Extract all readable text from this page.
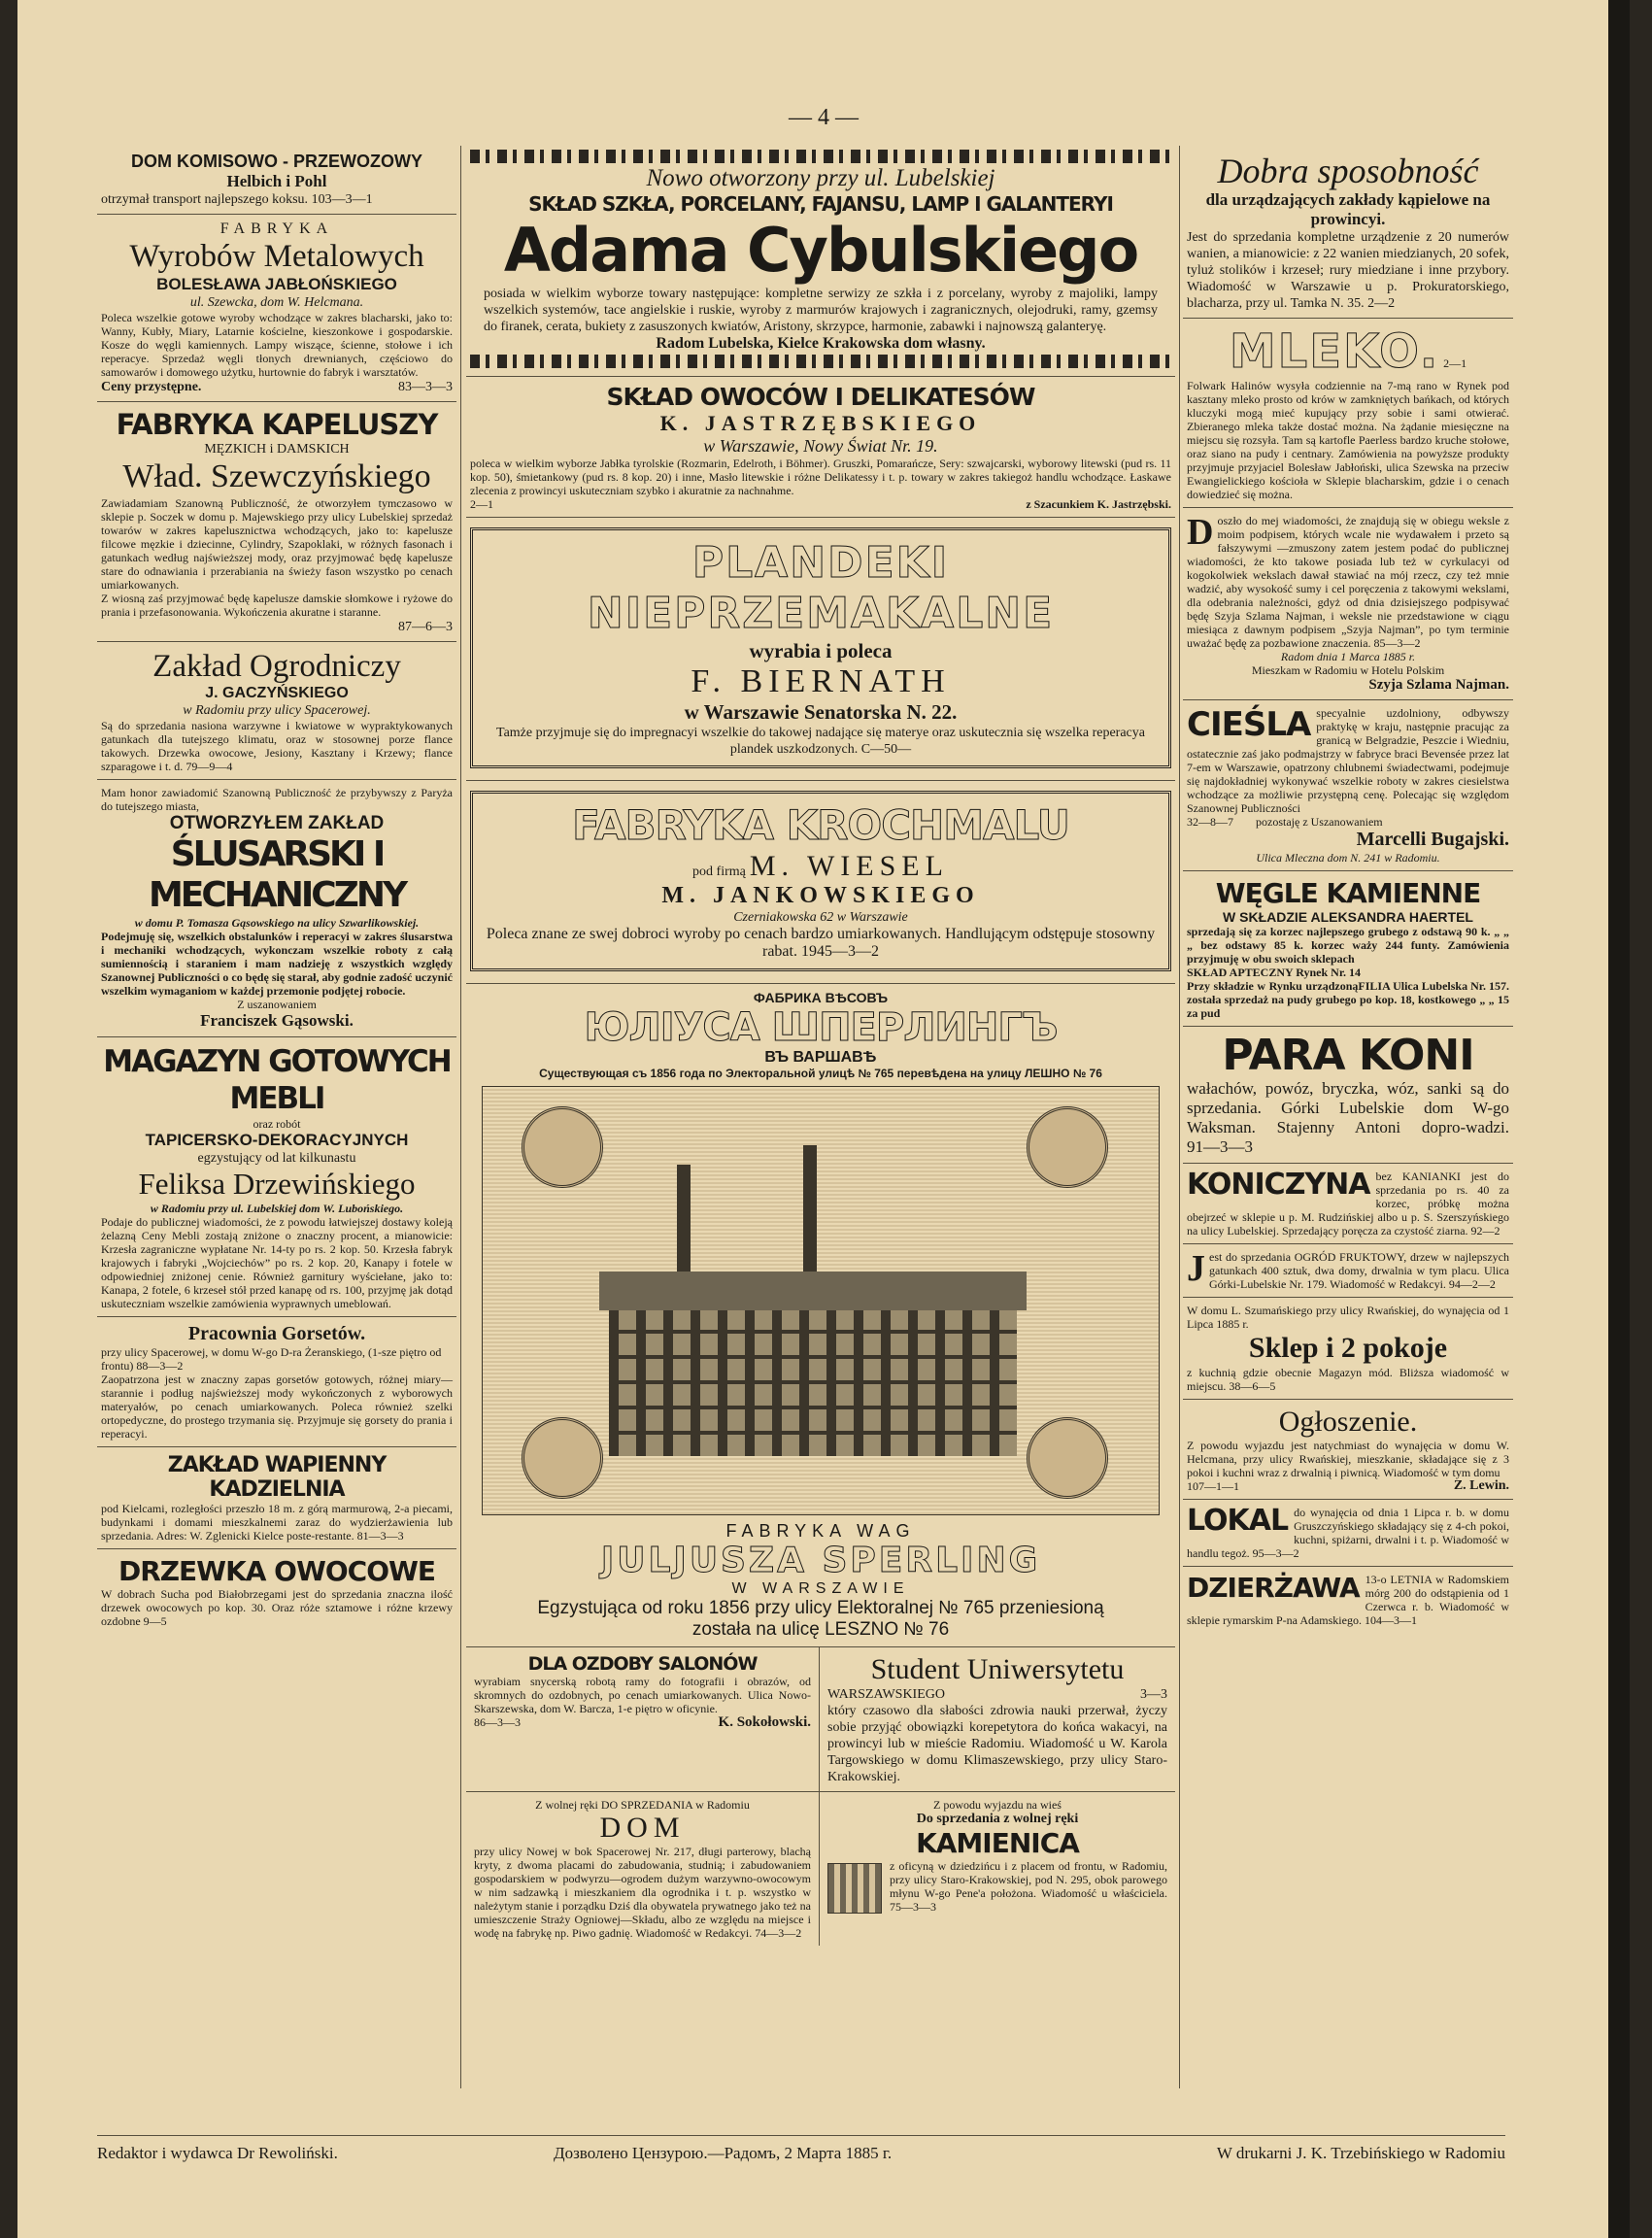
— 4 —

DOM KOMISOWO - PRZEWOZOWY

Helbich i Pohl

otrzymał transport najlepszego koksu. 103—3—1

FABRYKA

Wyrobów Metalowych

BOLESŁAWA JABŁOŃSKIEGO

ul. Szewcka, dom W. Helcmana.

Poleca wszelkie gotowe wyroby wchodzące w zakres blacharski, jako to: Wanny, Kubły, Miary, Latarnie kościelne, kieszonkowe i gospodarskie. Kosze do węgli kamiennych. Lampy wiszące, ścienne, stołowe i ich reperacye. Sprzedaż węgli tłonych drewnianych, częściowo do samowarów i domowego użytku, hurtownie do fabryk i warsztatów.

Ceny przystępne.	83—3—3

FABRYKA KAPELUSZY

MĘZKICH i DAMSKICH

Wład. Szewczyńskiego

Zawiadamiam Szanowną Publiczność, że otworzyłem tymczasowo w sklepie p. Soczek w domu p. Majewskiego przy ulicy Lubelskiej sprzedaż towarów w zakres kapelusznictwa wchodzących, jako to: kapelusze filcowe męzkie i dziecinne, Cylindry, Szapoklaki, w różnych fasonach i gatunkach według najświeższej mody, oraz przyjmować będę kapelusze stare do odnawiania i przerabiania na świeży fason wszystko po cenach umiarkowanych.

Z wiosną zaś przyjmować będę kapelusze damskie słomkowe i ryżowe do prania i przefasonowania. Wykończenia akuratne i staranne.

87—6—3

Zakład Ogrodniczy

J. GACZYŃSKIEGO

w Radomiu przy ulicy Spacerowej.

Są do sprzedania nasiona warzywne i kwiatowe w wypraktykowanych gatunkach dla tutejszego klimatu, oraz w stosownej porze flance takowych. Drzewka owocowe, Jesiony, Kasztany i Krzewy; flance szparagowe i t. d. 79—9—4

Mam honor zawiadomić Szanowną Publiczność że przybywszy z Paryża do tutejszego miasta,

OTWORZYŁEM ZAKŁAD

ŚLUSARSKI I MECHANICZNY

w domu P. Tomasza Gąsowskiego na ulicy Szwarlikowskiej.

Podejmuję się, wszelkich obstalunków i reperacyi w zakres ślusarstwa i mechaniki wchodzących, wykonczam wszelkie roboty z całą sumiennością i staraniem i mam nadzieję z wszystkich względy Szanownej Publiczności o co będę się starał, aby godnie zadość uczynić wszelkim wymaganiom w każdej przemonie podjętej robocie.

Z uszanowaniem

Franciszek Gąsowski.

MAGAZYN GOTOWYCH MEBLI

oraz robót

TAPICERSKO-DEKORACYJNYCH

egzystujący od lat kilkunastu

Feliksa Drzewińskiego

w Radomiu przy ul. Lubelskiej dom W. Lubońskiego.

Podaje do publicznej wiadomości, że z powodu łatwiejszej dostawy koleją żelazną Ceny Mebli zostają zniżone o znaczny procent, a mianowicie: Krzesła zagraniczne wypłatane Nr. 14-ty po rs. 2 kop. 50. Krzesła fabryk krajowych i fabryki „Wojciechów” po rs. 2 kop. 20, Kanapy i fotele w odpowiedniej zniżonej cenie. Również garnitury wyściełane, jako to: Kanapa, 2 fotele, 6 krzeseł stół przed kanapę od rs. 100, przyjmę jak dotąd uskuteczniam wszelkie zamówienia wyprawnych umeblowań.

Pracownia Gorsetów.

przy ulicy Spacerowej, w domu W-go D-ra Żeranskiego, (1-sze piętro od frontu) 88—3—2

Zaopatrzona jest w znaczny zapas gorsetów gotowych, różnej miary—starannie i podług najświeższej mody wykończonych z wyborowych materyałów, po cenach umiarkowanych. Poleca również szelki ortopedyczne, do prostego trzymania się. Przyjmuje się gorsety do prania i reperacyi.

ZAKŁAD WAPIENNY KADZIELNIA

pod Kielcami, rozległości przeszło 18 m. z górą marmurową, 2-a piecami, budynkami i domami mieszkalnemi zaraz do wydzierżawienia lub sprzedania. Adres: W. Zglenicki Kielce poste-restante. 81—3—3

DRZEWKA OWOCOWE

W dobrach Sucha pod Białobrzegami jest do sprzedania znaczna ilość drzewek owocowych po kop. 30. Oraz róże sztamowe i różne krzewy ozdobne 9—5

Nowo otworzony przy ul. Lubelskiej

SKŁAD SZKŁA, PORCELANY, FAJANSU, LAMP I GALANTERYI

Adama Cybulskiego

posiada w wielkim wyborze towary następujące: kompletne serwizy ze szkła i z porcelany, wyroby z majoliki, lampy wszelkich systemów, tace angielskie i ruskie, wyroby z marmurów krajowych i zagranicznych, olejodruki, ramy, gzemsy do firanek, cerata, bukiety z zasuszonych kwiatów, Aristony, skrzypce, harmonie, zabawki i najnowszą galanteryę.

Radom Lubelska, Kielce Krakowska dom własny.

SKŁAD OWOCÓW I DELIKATESÓW

K. JASTRZĘBSKIEGO

w Warszawie, Nowy Świat Nr. 19.

poleca w wielkim wyborze Jabłka tyrolskie (Rozmarin, Edelroth, i Böhmer). Gruszki, Pomarańcze, Sery: szwajcarski, wyborowy litewski (pud rs. 11 kop. 50), śmietankowy (pud rs. 8 kop. 20) i inne, Masło litewskie i różne Delikatessy i t. p. towary w zakres takiegoż handlu wchodzące. Łaskawe zlecenia z prowincyi uskuteczniam szybko i akuratnie za nachnahme.

2—1	z Szacunkiem K. Jastrzębski.

PLANDEKI NIEPRZEMAKALNE

wyrabia i poleca

F. BIERNATH

w Warszawie Senatorska N. 22.

Tamże przyjmuje się do impregnacyi wszelkie do takowej nadające się materye oraz uskutecznia się wszelka reperacya plandek uszkodzonych. C—50—

FABRYKA KROCHMALU

pod firmą M. WIESEL

M. JANKOWSKIEGO

Czerniakowska 62 w Warszawie

Poleca znane ze swej dobroci wyroby po cenach bardzo umiarkowanych. Handlującym odstępuje stosowny rabat. 1945—3—2

ФАБРИКА ВѢСОВЪ

ЮЛIУСА ШПЕРЛИНГЪ

ВЪ ВАРШАВѢ

Существующая съ 1856 года по Электоральной улицѣ № 765 перевѣдена на улицу ЛЕШНО № 76

FABRYKA WAG

JULJUSZA SPERLING

W WARSZAWIE

Egzystująca od roku 1856 przy ulicy Elektoralnej № 765 przeniesioną

została na ulicę LESZNO № 76

DLA OZDOBY SALONÓW

wyrabiam snycerską robotą ramy do fotografii i obrazów, od skromnych do ozdobnych, po cenach umiarkowanych. Ulica Nowo-Skarszewska, dom W. Barcza, 1-e piętro w oficynie.

86—3—3	K. Sokołowski.

Student Uniwersytetu

WARSZAWSKIEGO	3—3

który czasowo dla słabości zdrowia nauki przerwał, życzy sobie przyjąć obowiązki korepetytora do końca wakacyi, na prowincyi lub w mieście Radomiu. Wiadomość u W. Karola Targowskiego w domu Klimaszewskiego, przy ulicy Staro-Krakowskiej.

Z wolnej ręki DO SPRZEDANIA w Radomiu

DOM

przy ulicy Nowej w bok Spacerowej Nr. 217, długi parterowy, blachą kryty, z dwoma placami do zabudowania, studnią; i zabudowaniem gospodarskiem w podwyrzu—ogrodem dużym warzywno-owocowym w nim sadzawką i mieszkaniem dla ogrodnika i t. p. wszystko w należytym stanie i porządku Dziś dla obywatela prywatnego jako też na umieszczenie Straży Ogniowej—Składu, albo ze względu na miejsce i wodę na fabrykę np. Piwo gadnię. Wiadomość w Redakcyi. 74—3—2

Z powodu wyjazdu na wieś

Do sprzedania z wolnej ręki

KAMIENICA

z oficyną w dziedzińcu i z placem od frontu, w Radomiu, przy ulicy Staro-Krakowskiej, pod N. 295, obok parowego młynu W-go Pene'a położona. Wiadomość u właściciela. 75—3—3

Dobra sposobność

dla urządzających zakłady kąpielowe na prowincyi.

Jest do sprzedania kompletne urządzenie z 20 numerów wanien, a mianowicie: z 22 wanien miedzianych, 20 sofek, tyluż stolików i krzeseł; rury miedziane i inne przybory. Wiadomość w Warszawie u p. Prokuratorskiego, blacharza, przy ul. Tamka N. 35. 2—2

MLEKO. 2—1

Folwark Halinów wysyła codziennie na 7-mą rano w Rynek pod kasztany mleko prosto od krów w zamkniętych bańkach, od których kluczyki mogą mieć kupujący przy sobie i sami otwierać. Zbieranego mleka także dostać można. Na żądanie miesięczne na miejscu się rozsyła. Tam są kartofle Paerless bardzo kruche stołowe, oraz siano na pudy i centnary. Zamówienia na powyższe produkty przyjmuje przyjaciel Bolesław Jabłoński, ulica Szewska na przeciw Ewangielickiego kościoła w Sklepie blacharskim, gdzie i o cenach dowiedzieć się można.

D oszło do mej wiadomości, że znajdują się w obiegu weksle z moim podpisem, których wcale nie wydawałem i przeto są fałszywymi —zmuszony zatem jestem podać do publicznej wiadomości, że kto takowe posiada lub też w cyrkulacyi od kogokolwiek wekslach dawał stawiać na mój rzecz, czy też mnie wadzić, aby wysokość sumy i cel poręczenia z takowymi wekslami, dla odebrania należności, gdyż od dnia dzisiejszego podpisywać będę Szyja Szlama Najman, i weksle nie przedstawione w ciągu miesiąca z dawnym podpisem „Szyja Najman”, po tym terminie uważać będę za pozbawione znaczenia. 85—3—2

Radom dnia 1 Marca 1885 r.

Mieszkam w Radomiu w Hotelu Polskim

Szyja Szlama Najman.

CIEŚLA specyalnie uzdolniony, odbywszy praktykę w kraju, następnie pracując za granicą w Belgradzie, Peszcie i Wiedniu, ostatecznie zaś jako podmajstrzy w fabryce braci Bevensée przez lat 7-em w Warszawie, opatrzony chlubnemi świadectwami, podejmuje się najdokładniej wykonywać wszelkie roboty w zakres ciesielstwa wchodzące za możliwie przystępną cenę. Polecając się względom Szanownej Publiczności

32—8—7 pozostaję z Uszanowaniem

Marcelli Bugajski.

Ulica Mleczna dom N. 241 w Radomiu.

WĘGLE KAMIENNE

W SKŁADZIE ALEKSANDRA HAERTEL

sprzedają się za korzec najlepszego grubego z odstawą 90 k. „ „ „ bez odstawy 85 k. korzec waży 244 funty. Zamówienia przyjmuję w obu swoich sklepach

SKŁAD APTECZNY Rynek Nr. 14
FILIA Ulica Lubelska Nr. 157.

Przy składzie w Rynku urządzoną została sprzedaż na pudy grubego po kop. 18, kostkowego „ „ 15 za pud

PARA KONI

wałachów, powóz, bryczka, wóz, sanki są do sprzedania. Górki Lubelskie dom W-go Waksman. Stajenny Antoni dopro-wadzi. 91—3—3

KONICZYNA bez KANIANKI jest do sprzedania po rs. 40 za korzec, próbkę można obejrzeć w sklepie u p. M. Rudzińskiej albo u p. S. Szerszyńskiego na ulicy Lubelskiej. Sprzedający poręcza za czystość ziarna. 92—2

J est do sprzedania OGRÓD FRUKTOWY, drzew w najlepszych gatunkach 400 sztuk, dwa domy, drwalnia w tym placu. Ulica Górki-Lubelskie Nr. 179. Wiadomość w Redakcyi. 94—2—2

W domu L. Szumańskiego przy ulicy Rwańskiej, do wynajęcia od 1 Lipca 1885 r.

Sklep i 2 pokoje

z kuchnią gdzie obecnie Magazyn mód. Bliższa wiadomość w miejscu. 38—6—5

Ogłoszenie.

Z powodu wyjazdu jest natychmiast do wynajęcia w domu W. Helcmana, przy ulicy Rwańskiej, mieszkanie, składające się z 3 pokoi i kuchni wraz z drwalnią i piwnicą. Wiadomość w tym domu

107—1—1	Z. Lewin.

LOKAL do wynajęcia od dnia 1 Lipca r. b. w domu Gruszczyńskiego składający się z 4-ch pokoi, kuchni, spiżarni, drwalni i t. p. Wiadomość w handlu tegoż. 95—3—2

DZIERŻAWA 13-o LETNIA w Radomskiem mórg 200 do odstąpienia od 1 Czerwca r. b. Wiadomość w sklepie rymarskim P-na Adamskiego. 104—3—1

Redaktor i wydawca Dr Rewoliński.	Дозволено Цензурою.—Радомъ, 2 Марта 1885 г.	W drukarni J. K. Trzebińskiego w Radomiu
